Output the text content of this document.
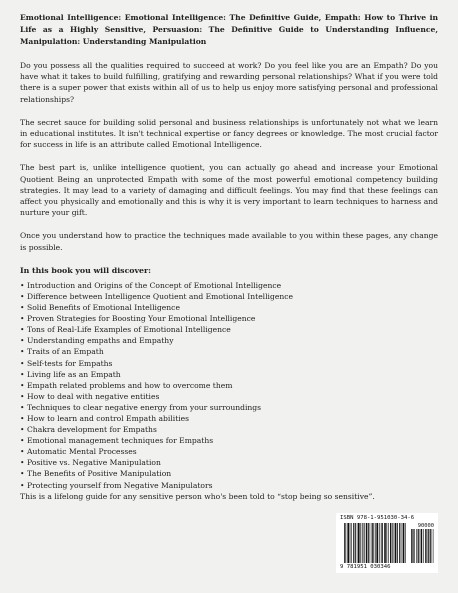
Emotional Intelligence: Emotional Intelligence: The Definitive Guide, Empath: How to Thrive in Life as a Highly Sensitive, Persuasion: The Definitive Guide to Understanding Influence, Manipulation: Understanding Manipulation

Do you possess all the qualities required to succeed at work? Do you feel like you are an Empath? Do you have what it takes to build fulfilling, gratifying and rewarding personal relationships? What if you were told there is a super power that exists within all of us to help us enjoy more satisfying personal and professional relationships?

The secret sauce for building solid personal and business relationships is unfortunately not what we learn in educational institutes. It isn't technical expertise or fancy degrees or knowledge. The most crucial factor for success in life is an attribute called Emotional Intelligence.

The best part is, unlike intelligence quotient, you can actually go ahead and increase your Emotional Quotient Being an unprotected Empath with some of the most powerful emotional competency building strategies. It may lead to a variety of damaging and difficult feelings. You may find that these feelings can affect you physically and emotionally and this is why it is very important to learn techniques to harness and nurture your gift.

Once you understand how to practice the techniques made available to you within these pages, any change is possible.

In this book you will discover:

• Introduction and Origins of the Concept of Emotional Intelligence
• Difference between Intelligence Quotient and Emotional Intelligence
• Solid Benefits of Emotional Intelligence
• Proven Strategies for Boosting Your Emotional Intelligence
• Tons of Real-Life Examples of Emotional Intelligence
• Understanding empaths and Empathy
• Traits of an Empath
• Self-tests for Empaths
• Living life as an Empath
• Empath related problems and how to overcome them
• How to deal with negative entities
• Techniques to clear negative energy from your surroundings
• How to learn and control Empath abilities
• Chakra development for Empaths
• Emotional management techniques for Empaths
• Automatic Mental Processes
• Positive vs. Negative Manipulation
• The Benefits of Positive Manipulation
• Protecting yourself from Negative Manipulators

This is a lifelong guide for any sensitive person who's been told to “stop being so sensitive”.

ISBN 978-1-951030-34-6
90000
9 781951 030346
